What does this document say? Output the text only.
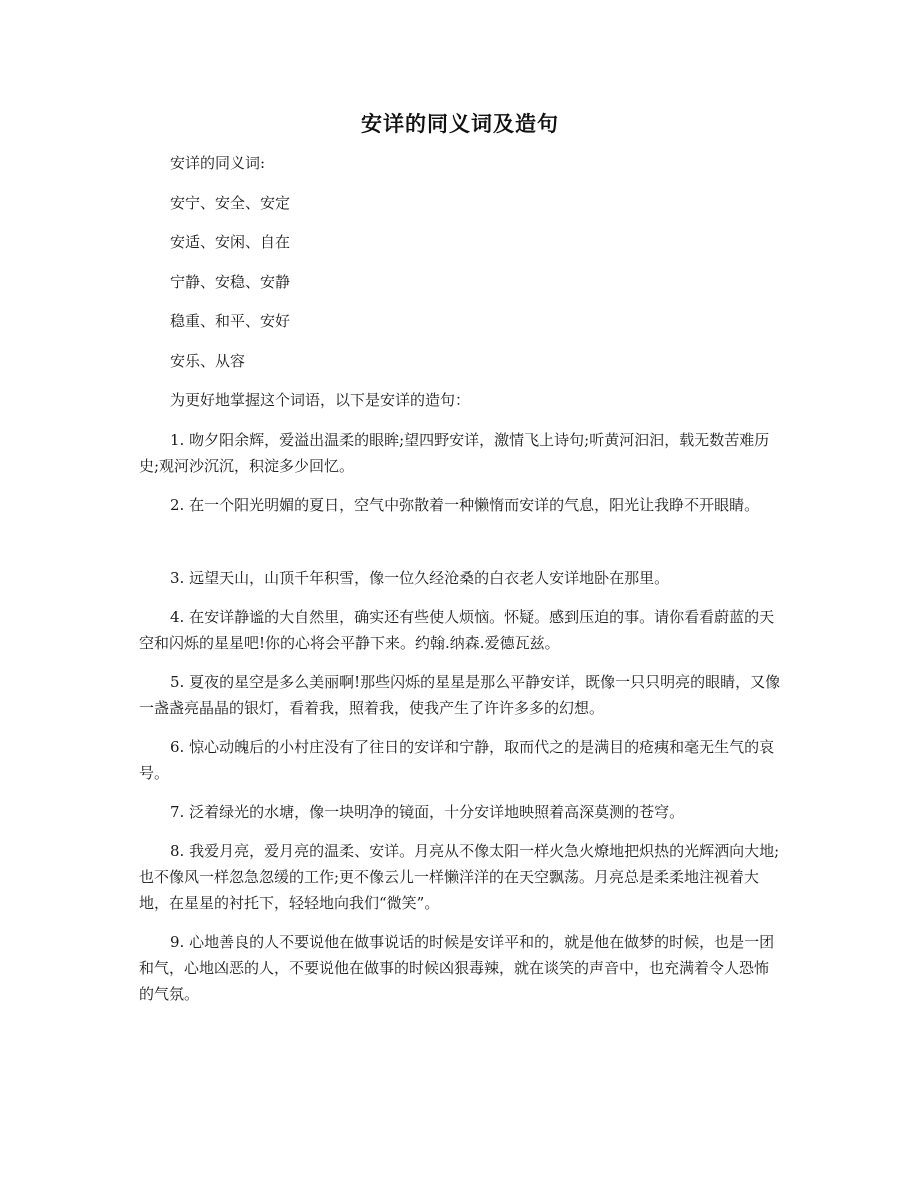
安详的同义词及造句

安详的同义词:

安宁、安全、安定

安适、安闲、自在

宁静、安稳、安静

稳重、和平、安好

安乐、从容

为更好地掌握这个词语，以下是安详的造句：

1. 吻夕阳余辉，爱溢出温柔的眼眸;望四野安详，激情飞上诗句;听黄河汩汩，载无数苦难历史;观河沙沉沉，积淀多少回忆。

2. 在一个阳光明媚的夏日，空气中弥散着一种懒惰而安详的气息，阳光让我睁不开眼睛。

3. 远望天山，山顶千年积雪，像一位久经沧桑的白衣老人安详地卧在那里。

4. 在安详静谧的大自然里，确实还有些使人烦恼。怀疑。感到压迫的事。请你看看蔚蓝的天空和闪烁的星星吧!你的心将会平静下来。约翰.纳森.爱德瓦兹。

5. 夏夜的星空是多么美丽啊!那些闪烁的星星是那么平静安详，既像一只只明亮的眼睛，又像一盏盏亮晶晶的银灯，看着我，照着我，使我产生了许许多多的幻想。

6. 惊心动魄后的小村庄没有了往日的安详和宁静，取而代之的是满目的疮痍和毫无生气的哀号。

7. 泛着绿光的水塘，像一块明净的镜面，十分安详地映照着高深莫测的苍穹。

8. 我爱月亮，爱月亮的温柔、安详。月亮从不像太阳一样火急火燎地把炽热的光辉洒向大地;也不像风一样忽急忽缓的工作;更不像云儿一样懒洋洋的在天空飘荡。月亮总是柔柔地注视着大地，在星星的衬托下，轻轻地向我们“微笑”。

9. 心地善良的人不要说他在做事说话的时候是安详平和的，就是他在做梦的时候，也是一团和气，心地凶恶的人，不要说他在做事的时候凶狠毒辣，就在谈笑的声音中，也充满着令人恐怖的气氛。
